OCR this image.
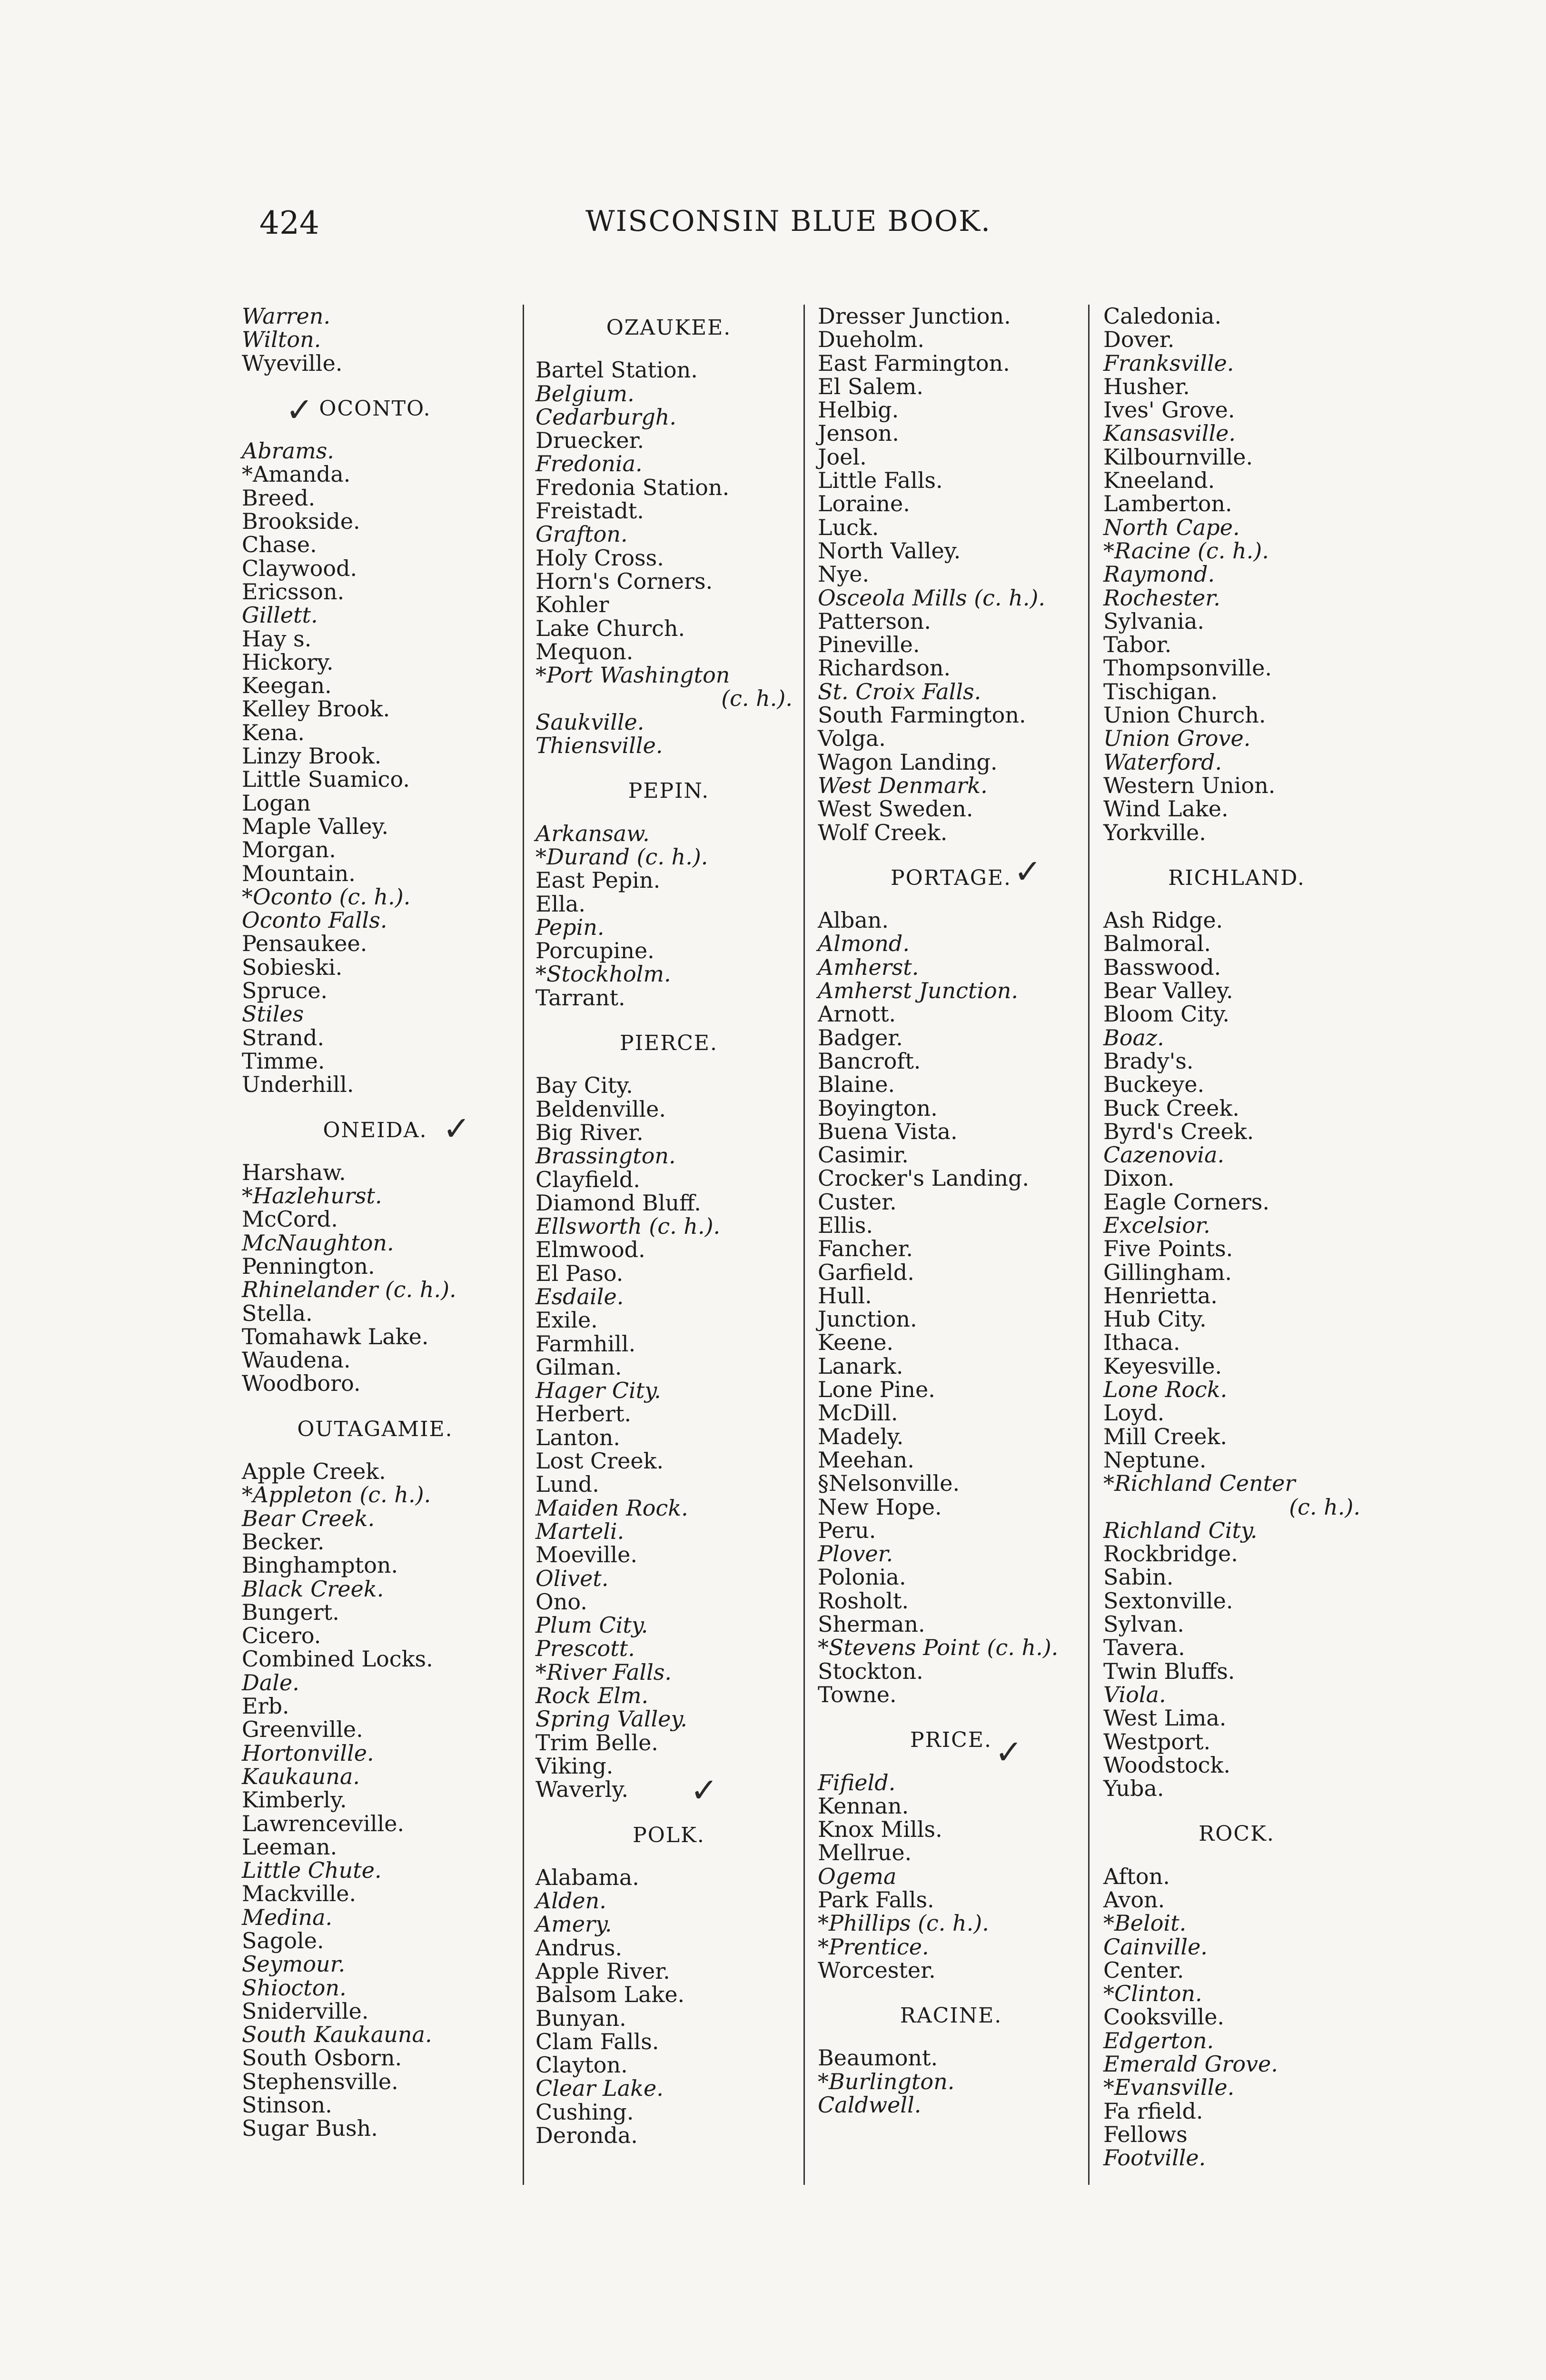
424	WISCONSIN BLUE BOOK.
Warren.
Wilton.
Wyeville.
OCONTO.
Abrams.
*Amanda.
Breed.
Brookside.
Chase.
Claywood.
Ericsson.
Gillett.
Hay s.
Hickory.
Keegan.
Kelley Brook.
Kena.
Linzy Brook.
Little Suamico.
Logan
Maple Valley.
Morgan.
Mountain.
*Oconto (c. h.).
Oconto Falls.
Pensaukee.
Sobieski.
Spruce.
Stiles
Strand.
Timme.
Underhill.
ONEIDA.
Harshaw.
*Hazlehurst.
McCord.
McNaughton.
Pennington.
Rhinelander (c. h.).
Stella.
Tomahawk Lake.
Waudena.
Woodboro.
OUTAGAMIE.
Apple Creek.
*Appleton (c. h.).
Bear Creek.
Becker.
Binghampton.
Black Creek.
Bungert.
Cicero.
Combined Locks.
Dale.
Erb.
Greenville.
Hortonville.
Kaukauna.
Kimberly.
Lawrenceville.
Leeman.
Little Chute.
Mackville.
Medina.
Sagole.
Seymour.
Shiocton.
Sniderville.
South Kaukauna.
South Osborn.
Stephensville.
Stinson.
Sugar Bush.
OZAUKEE.
Bartel Station.
Belgium.
Cedarburgh.
Druecker.
Fredonia.
Fredonia Station.
Freistadt.
Grafton.
Holy Cross.
Horn's Corners.
Kohler
Lake Church.
Mequon.
*Port Washington
(c. h.).
Saukville.
Thiensville.
PEPIN.
Arkansaw.
*Durand (c. h.).
East Pepin.
Ella.
Pepin.
Porcupine.
*Stockholm.
Tarrant.
PIERCE.
Bay City.
Beldenville.
Big River.
Brassington.
Clayfield.
Diamond Bluff.
Ellsworth (c. h.).
Elmwood.
El Paso.
Esdaile.
Exile.
Farmhill.
Gilman.
Hager City.
Herbert.
Lanton.
Lost Creek.
Lund.
Maiden Rock.
Marteli.
Moeville.
Olivet.
Ono.
Plum City.
Prescott.
*River Falls.
Rock Elm.
Spring Valley.
Trim Belle.
Viking.
Waverly.
POLK.
Alabama.
Alden.
Amery.
Andrus.
Apple River.
Balsom Lake.
Bunyan.
Clam Falls.
Clayton.
Clear Lake.
Cushing.
Deronda.
Dresser Junction.
Dueholm.
East Farmington.
El Salem.
Helbig.
Jenson.
Joel.
Little Falls.
Loraine.
Luck.
North Valley.
Nye.
Osceola Mills (c. h.).
Patterson.
Pineville.
Richardson.
St. Croix Falls.
South Farmington.
Volga.
Wagon Landing.
West Denmark.
West Sweden.
Wolf Creek.
PORTAGE.
Alban.
Almond.
Amherst.
Amherst Junction.
Arnott.
Badger.
Bancroft.
Blaine.
Boyington.
Buena Vista.
Casimir.
Crocker's Landing.
Custer.
Ellis.
Fancher.
Garfield.
Hull.
Junction.
Keene.
Lanark.
Lone Pine.
McDill.
Madely.
Meehan.
§Nelsonville.
New Hope.
Peru.
Plover.
Polonia.
Rosholt.
Sherman.
*Stevens Point (c. h.).
Stockton.
Towne.
PRICE.
Fifield.
Kennan.
Knox Mills.
Mellrue.
Ogema
Park Falls.
*Phillips (c. h.).
*Prentice.
Worcester.
RACINE.
Beaumont.
*Burlington.
Caldwell.
Caledonia.
Dover.
Franksville.
Husher.
Ives' Grove.
Kansasville.
Kilbournville.
Kneeland.
Lamberton.
North Cape.
*Racine (c. h.).
Raymond.
Rochester.
Sylvania.
Tabor.
Thompsonville.
Tischigan.
Union Church.
Union Grove.
Waterford.
Western Union.
Wind Lake.
Yorkville.
RICHLAND.
Ash Ridge.
Balmoral.
Basswood.
Bear Valley.
Bloom City.
Boaz.
Brady's.
Buckeye.
Buck Creek.
Byrd's Creek.
Cazenovia.
Dixon.
Eagle Corners.
Excelsior.
Five Points.
Gillingham.
Henrietta.
Hub City.
Ithaca.
Keyesville.
Lone Rock.
Loyd.
Mill Creek.
Neptune.
*Richland Center
(c. h.).
Richland City.
Rockbridge.
Sabin.
Sextonville.
Sylvan.
Tavera.
Twin Bluffs.
Viola.
West Lima.
Westport.
Woodstock.
Yuba.
ROCK.
Afton.
Avon.
*Beloit.
Cainville.
Center.
*Clinton.
Cooksville.
Edgerton.
Emerald Grove.
*Evansville.
Fa rfield.
Fellows
Footville.
✓
✓
✓
✓
✓
